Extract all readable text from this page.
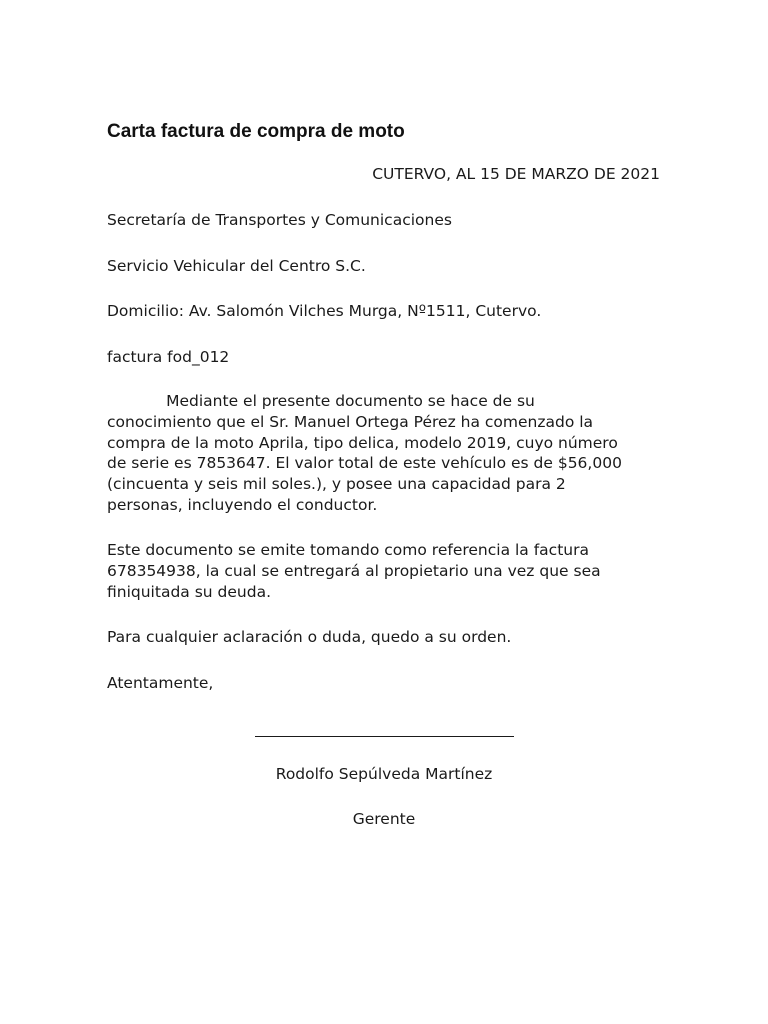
Carta factura de compra de moto
CUTERVO, AL 15 DE MARZO DE 2021
Secretaría de Transportes y Comunicaciones
Servicio Vehicular del Centro S.C.
Domicilio: Av. Salomón Vilches Murga, Nº1511, Cutervo.
factura fod_012
Mediante el presente documento se hace de su
conocimiento que el Sr. Manuel Ortega Pérez ha comenzado la
compra de la moto Aprila, tipo delica, modelo 2019, cuyo número
de serie es 7853647. El valor total de este vehículo es de $56,000
(cincuenta y seis mil soles.), y posee una capacidad para 2
personas, incluyendo el conductor.
Este documento se emite tomando como referencia la factura
678354938, la cual se entregará al propietario una vez que sea
finiquitada su deuda.
Para cualquier aclaración o duda, quedo a su orden.
Atentamente,
Rodolfo Sepúlveda Martínez
Gerente
